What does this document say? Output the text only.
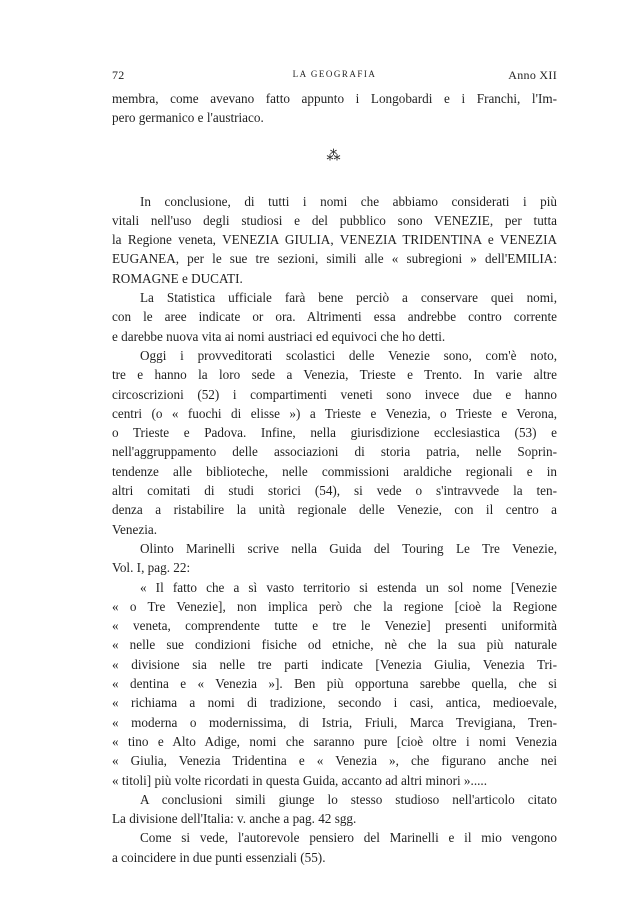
72	LA GEOGRAFIA	Anno XII

membra, come avevano fatto appunto i Longobardi e i Franchi, l'Im-

pero germanico e l'austriaco.

⁂

In conclusione, di tutti i nomi che abbiamo considerati i più

vitali nell'uso degli studiosi e del pubblico sono VENEZIE, per tutta

la Regione veneta, VENEZIA GIULIA, VENEZIA TRIDENTINA e VENEZIA

EUGANEA, per le sue tre sezioni, simili alle « subregioni » dell'EMILIA:

ROMAGNE e DUCATI.

La Statistica ufficiale farà bene perciò a conservare quei nomi,

con le aree indicate or ora. Altrimenti essa andrebbe contro corrente

e darebbe nuova vita ai nomi austriaci ed equivoci che ho detti.

Oggi i provveditorati scolastici delle Venezie sono, com'è noto,

tre e hanno la loro sede a Venezia, Trieste e Trento. In varie altre

circoscrizioni (52) i compartimenti veneti sono invece due e hanno

centri (o « fuochi di elisse ») a Trieste e Venezia, o Trieste e Verona,

o Trieste e Padova. Infine, nella giurisdizione ecclesiastica (53) e

nell'aggruppamento delle associazioni di storia patria, nelle Soprin-

tendenze alle biblioteche, nelle commissioni araldiche regionali e in

altri comitati di studi storici (54), si vede o s'intravvede la ten-

denza a ristabilire la unità regionale delle Venezie, con il centro a

Venezia.

Olinto Marinelli scrive nella Guida del Touring Le Tre Venezie,

Vol. I, pag. 22:

« Il fatto che a sì vasto territorio si estenda un sol nome [Venezie

« o Tre Venezie], non implica però che la regione [cioè la Regione

« veneta, comprendente tutte e tre le Venezie] presenti uniformità

« nelle sue condizioni fisiche od etniche, nè che la sua più naturale

« divisione sia nelle tre parti indicate [Venezia Giulia, Venezia Tri-

« dentina e « Venezia »]. Ben più opportuna sarebbe quella, che si

« richiama a nomi di tradizione, secondo i casi, antica, medioevale,

« moderna o modernissima, di Istria, Friuli, Marca Trevigiana, Tren-

« tino e Alto Adige, nomi che saranno pure [cioè oltre i nomi Venezia

« Giulia, Venezia Tridentina e « Venezia », che figurano anche nei

« titoli] più volte ricordati in questa Guida, accanto ad altri minori ».....

A conclusioni simili giunge lo stesso studioso nell'articolo citato

La divisione dell'Italia: v. anche a pag. 42 sgg.

Come si vede, l'autorevole pensiero del Marinelli e il mio vengono

a coincidere in due punti essenziali (55).
